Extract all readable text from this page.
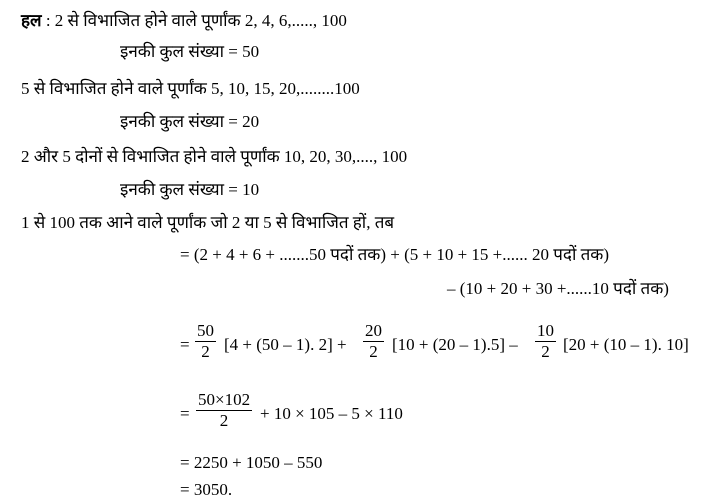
हल : 2 से विभाजित होने वाले पूर्णांक 2, 4, 6,....., 100
इनकी कुल संख्या = 50
5 से विभाजित होने वाले पूर्णांक 5, 10, 15, 20,........100
इनकी कुल संख्या = 20
2 और 5 दोनों से विभाजित होने वाले पूर्णांक 10, 20, 30,...., 100
इनकी कुल संख्या = 10
1 से 100 तक आने वाले पूर्णांक जो 2 या 5 से विभाजित हों, तब
= (2 + 4 + 6 + .......50 पदों तक) + (5 + 10 + 15 +...... 20 पदों तक)
– (10 + 20 + 30 +......10 पदों तक)
=
50
2 [4 + (50 – 1). 2] +
20
2 [10 + (20 – 1).5] –
10
2 [20 + (10 – 1). 10]
=
50×102
2	+ 10 × 105 – 5 × 110
= 2250 + 1050 – 550
= 3050.
